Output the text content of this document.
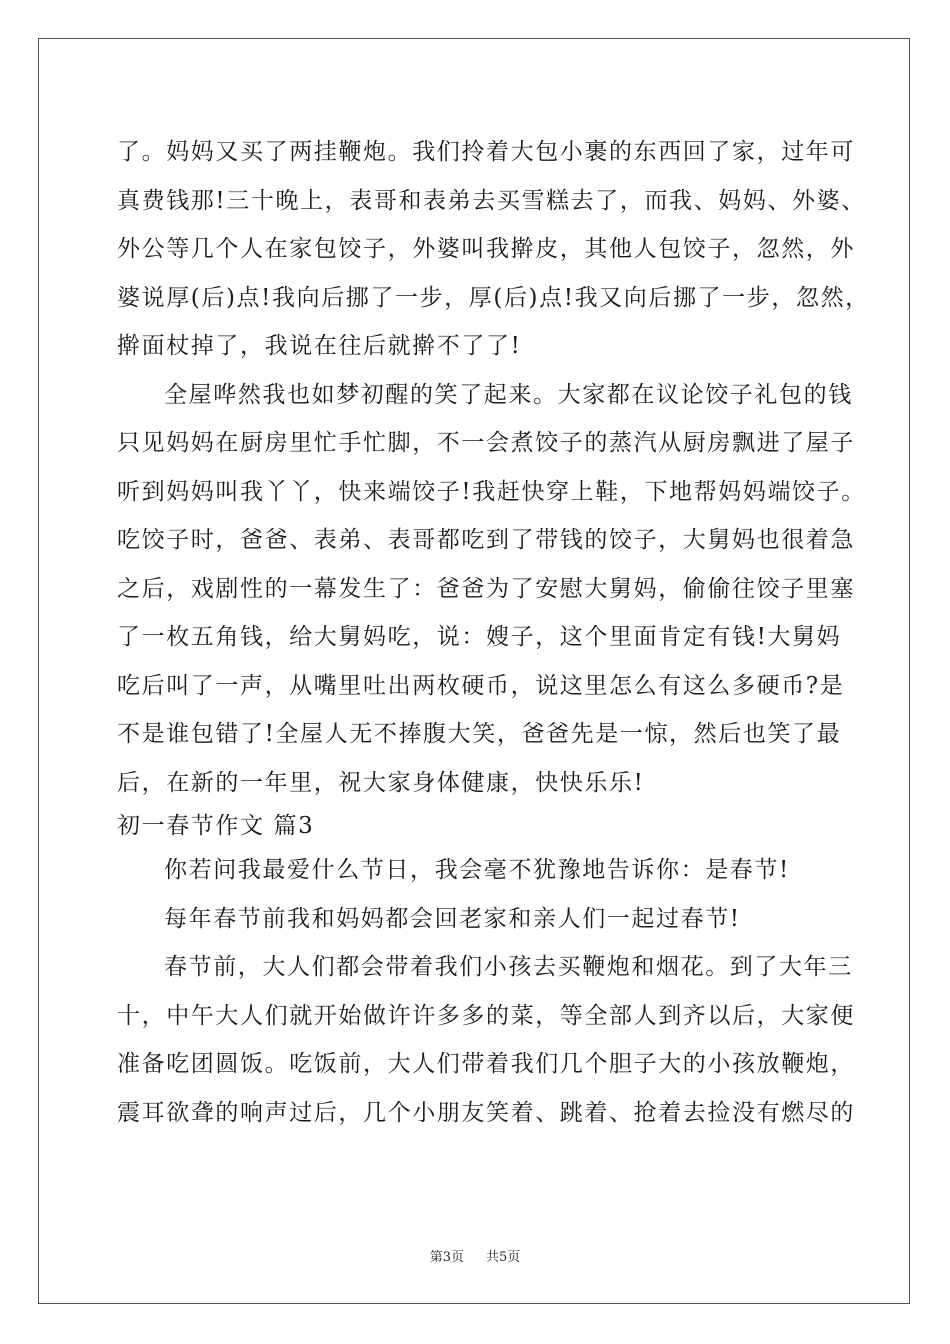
了。妈妈又买了两挂鞭炮。我们拎着大包小裹的东西回了家，过年可
真费钱那!三十晚上，表哥和表弟去买雪糕去了，而我、妈妈、外婆、
外公等几个人在家包饺子，外婆叫我擀皮，其他人包饺子，忽然，外
婆说厚(后)点!我向后挪了一步，厚(后)点!我又向后挪了一步，忽然，
擀面杖掉了，我说在往后就擀不了了!
全屋哗然我也如梦初醒的笑了起来。大家都在议论饺子礼包的钱
只见妈妈在厨房里忙手忙脚，不一会煮饺子的蒸汽从厨房飘进了屋子
听到妈妈叫我丫丫，快来端饺子!我赶快穿上鞋，下地帮妈妈端饺子。
吃饺子时，爸爸、表弟、表哥都吃到了带钱的饺子，大舅妈也很着急
之后，戏剧性的一幕发生了：爸爸为了安慰大舅妈，偷偷往饺子里塞
了一枚五角钱，给大舅妈吃，说：嫂子，这个里面肯定有钱!大舅妈
吃后叫了一声，从嘴里吐出两枚硬币，说这里怎么有这么多硬币?是
不是谁包错了!全屋人无不捧腹大笑，爸爸先是一惊，然后也笑了最
后，在新的一年里，祝大家身体健康，快快乐乐!
初一春节作文 篇3
你若问我最爱什么节日，我会毫不犹豫地告诉你：是春节!
每年春节前我和妈妈都会回老家和亲人们一起过春节!
春节前，大人们都会带着我们小孩去买鞭炮和烟花。到了大年三
十，中午大人们就开始做许许多多的菜，等全部人到齐以后，大家便
准备吃团圆饭。吃饭前，大人们带着我们几个胆子大的小孩放鞭炮，
震耳欲聋的响声过后，几个小朋友笑着、跳着、抢着去捡没有燃尽的
第3页 共5页
